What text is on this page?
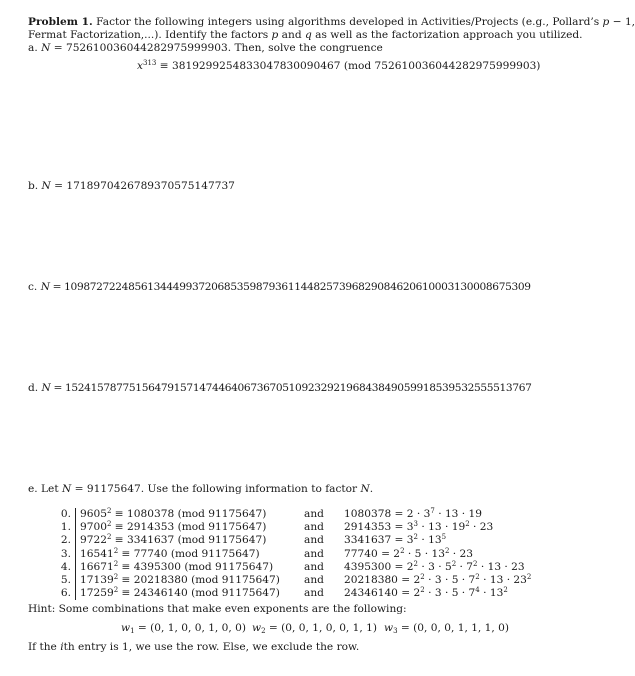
Problem 1. Factor the following integers using algorithms developed in Activities/Projects (e.g., Pollard’s p − 1,
Fermat Factorization,...). Identify the factors p and q as well as the factorization approach you utilized.
a. N = 752610036044282975999903. Then, solve the congruence
$x^{313} \equiv 3819299254833047830090467$ (mod 752610036044282975999903)
b. N = 1718970426789370575147737
c. N = 1098727224856134449937206853598793611448257396829084620610003130008675309
d. N = 152415787751564791571474464067367051092329219684384905991853953255551376​7
e. Let N = 91175647. Use the following information to factor N.
0.	$9605^2 \equiv 1080378$ (mod 91175647)	and	$1080378 = 2 \cdot 3^7 \cdot 13 \cdot 19$
1.	$9700^2 \equiv 2914353$ (mod 91175647)	and	$2914353 = 3^3 \cdot 13 \cdot 19^2 \cdot 23$
2.	$9722^2 \equiv 3341637$ (mod 91175647)	and	$3341637 = 3^2 \cdot 13^5$
3.	$16541^2 \equiv 77740$ (mod 91175647)	and	$77740 = 2^2 \cdot 5 \cdot 13^2 \cdot 23$
4.	$16671^2 \equiv 4395300$ (mod 91175647)	and	$4395300 = 2^2 \cdot 3 \cdot 5^2 \cdot 7^2 \cdot 13 \cdot 23$
5.	$17139^2 \equiv 20218380$ (mod 91175647)	and	$20218380 = 2^2 \cdot 3 \cdot 5 \cdot 7^2 \cdot 13 \cdot 23^2$
6.	$17259^2 \equiv 24346140$ (mod 91175647)	and	$24346140 = 2^2 \cdot 3 \cdot 5 \cdot 7^4 \cdot 13^2$
Hint: Some combinations that make even exponents are the following:
$w_1 = (0$, 1, 0, 0, 1, 0, 0) $w_2 = (0$, 0, 1, 0, 0, 1, 1) $w_3 = (0$, 0, 0, 1, 1, 1, 0)
If the ith entry is 1, we use the row. Else, we exclude the row.
